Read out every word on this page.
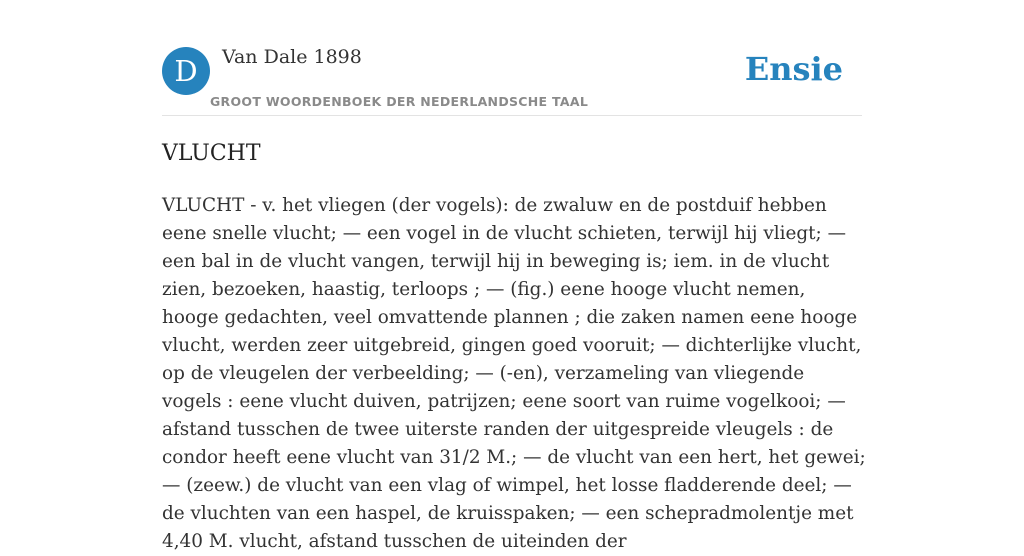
D	Van Dale 1898
GROOT WOORDENBOEK DER NEDERLANDSCHE TAAL
Ensie
VLUCHT

VLUCHT - v. het vliegen (der vogels): de zwaluw en de postduif hebben eene snelle vlucht; — een vogel in de vlucht schieten, terwijl hij vliegt; — een bal in de vlucht vangen, terwijl hij in beweging is; iem. in de vlucht zien, bezoeken, haastig, terloops ; — (fig.) eene hooge vlucht nemen, hooge gedachten, veel omvattende plannen ; die zaken namen eene hooge vlucht, werden zeer uitgebreid, gingen goed vooruit; — dichterlijke vlucht, op de vleugelen der verbeelding; — (-en), verzameling van vliegende vogels : eene vlucht duiven, patrijzen; eene soort van ruime vogelkooi; — afstand tusschen de twee uiterste randen der uitgespreide vleugels : de condor heeft eene vlucht van 31/2 M.; — de vlucht van een hert, het gewei; — (zeew.) de vlucht van een vlag of wimpel, het losse fladderende deel; — de vluchten van een haspel, de kruisspaken; — een schepradmolentje met 4,40 M. vlucht, afstand tusschen de uiteinden der
